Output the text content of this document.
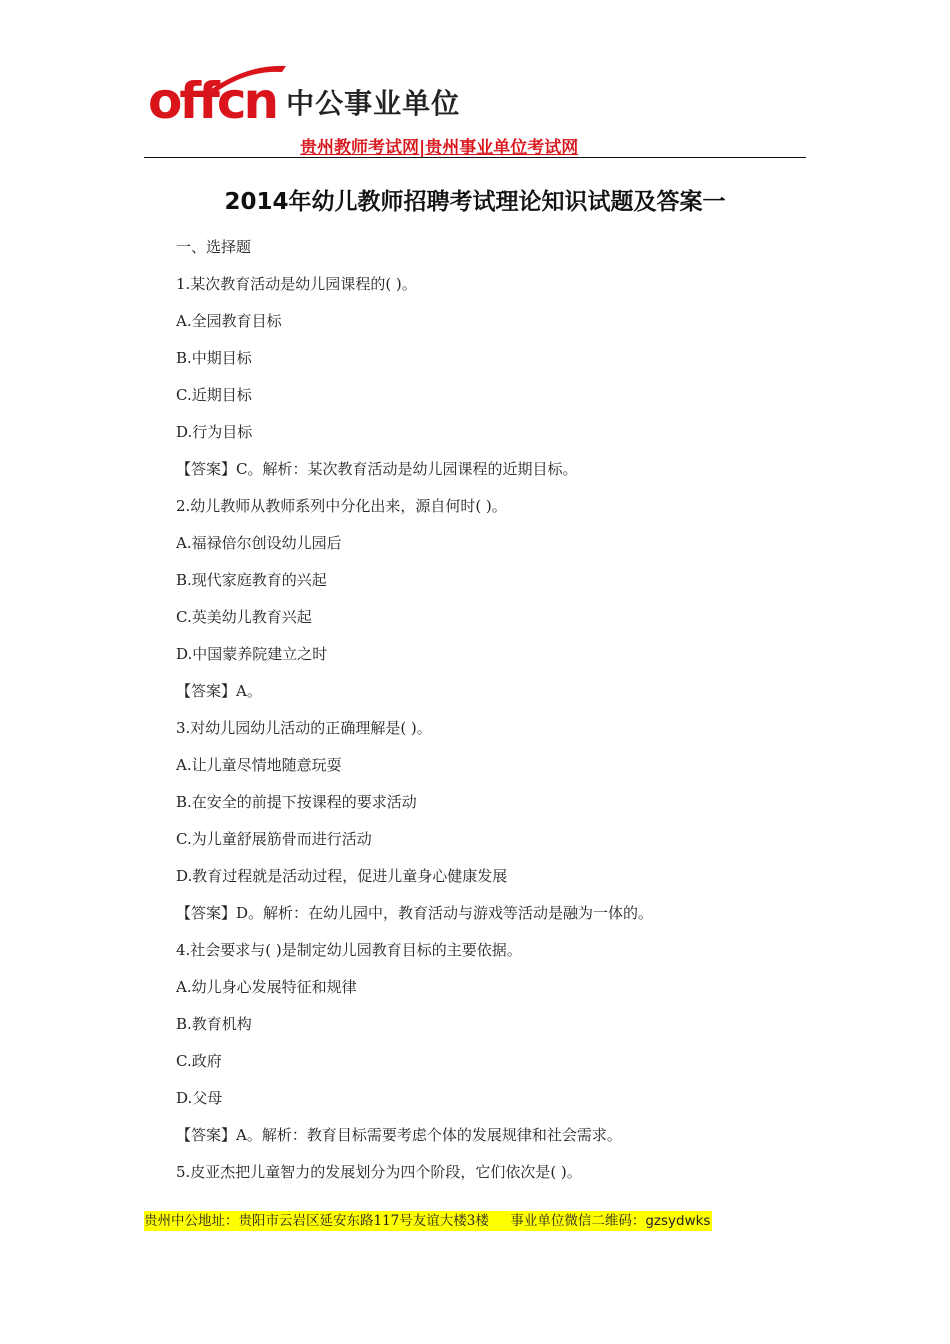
offcn 中公事业单位
贵州教师考试网|贵州事业单位考试网
2014年幼儿教师招聘考试理论知识试题及答案一
一、选择题
1.某次教育活动是幼儿园课程的( )。
A.全园教育目标
B.中期目标
C.近期目标
D.行为目标
【答案】C。解析：某次教育活动是幼儿园课程的近期目标。
2.幼儿教师从教师系列中分化出来，源自何时( )。
A.福禄倍尔创设幼儿园后
B.现代家庭教育的兴起
C.英美幼儿教育兴起
D.中国蒙养院建立之时
【答案】A。
3.对幼儿园幼儿活动的正确理解是( )。
A.让儿童尽情地随意玩耍
B.在安全的前提下按课程的要求活动
C.为儿童舒展筋骨而进行活动
D.教育过程就是活动过程，促进儿童身心健康发展
【答案】D。解析：在幼儿园中，教育活动与游戏等活动是融为一体的。
4.社会要求与( )是制定幼儿园教育目标的主要依据。
A.幼儿身心发展特征和规律
B.教育机构
C.政府
D.父母
【答案】A。解析：教育目标需要考虑个体的发展规律和社会需求。
5.皮亚杰把儿童智力的发展划分为四个阶段，它们依次是( )。
贵州中公地址：贵阳市云岩区延安东路117号友谊大楼3楼 事业单位微信二维码：gzsydwks
